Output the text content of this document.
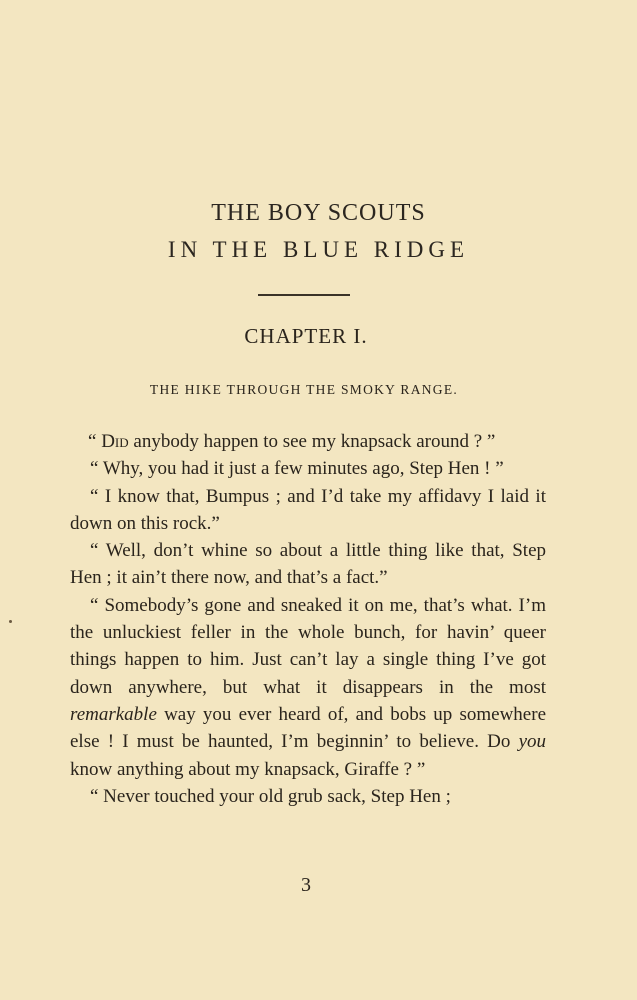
THE BOY SCOUTS
IN THE BLUE RIDGE
CHAPTER I.
THE HIKE THROUGH THE SMOKY RANGE.

“ Did anybody happen to see my knapsack around ? ”

“ Why, you had it just a few minutes ago, Step Hen ! ”

“ I know that, Bumpus ; and I’d take my affidavy I laid it down on this rock.”

“ Well, don’t whine so about a little thing like that, Step Hen ; it ain’t there now, and that’s a fact.”

“ Somebody’s gone and sneaked it on me, that’s what. I’m the unluckiest feller in the whole bunch, for havin’ queer things happen to him. Just can’t lay a single thing I’ve got down anywhere, but what it disappears in the most remarkable way you ever heard of, and bobs up somewhere else ! I must be haunted, I’m beginnin’ to believe. Do you know anything about my knapsack, Giraffe ? ”

“ Never touched your old grub sack, Step Hen ;

3
